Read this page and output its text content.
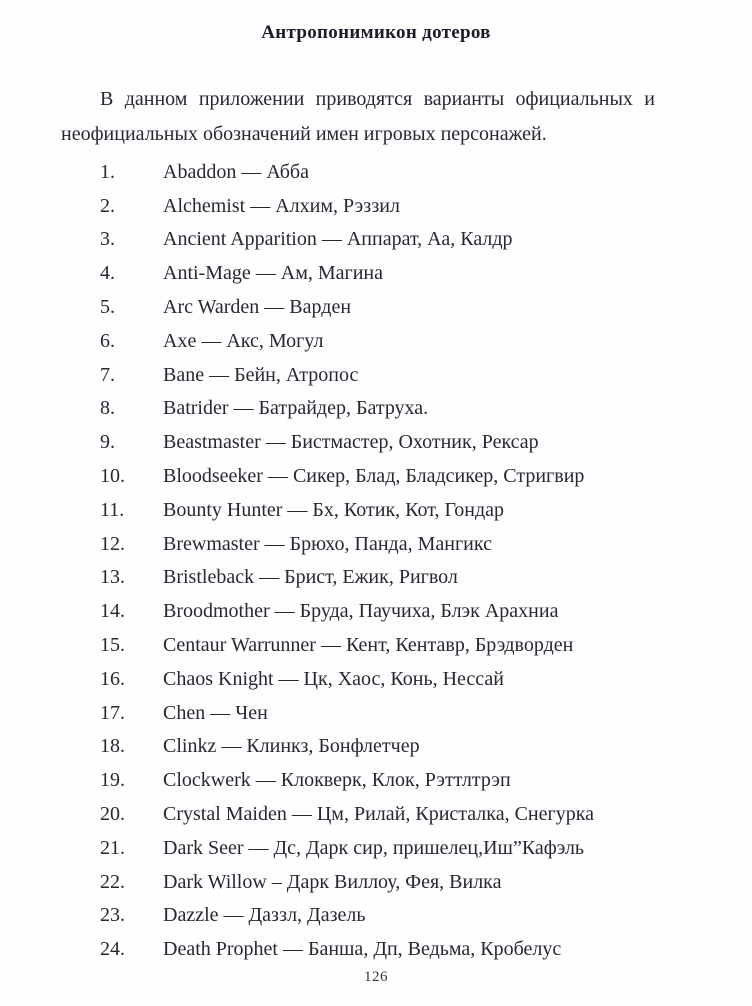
Антропонимикон дотеров
В данном приложении приводятся варианты официальных и
неофициальных обозначений имен игровых персонажей.
1. Abaddon — Абба
2. Alchemist — Алхим, Рэззил
3. Ancient Apparition — Аппарат, Аа, Калдр
4. Anti-Mage — Ам, Магина
5. Arc Warden — Варден
6. Axe — Акс, Могул
7. Bane — Бейн, Атропос
8. Batrider — Батрайдер, Батруха.
9. Beastmaster — Бистмастер, Охотник, Рексар
10. Bloodseeker — Сикер, Блад, Бладсикер, Стригвир
11. Bounty Hunter — Бх, Котик, Кот, Гондар
12. Brewmaster — Брюхо, Панда, Мангикс
13. Bristleback — Брист, Ежик, Ригвол
14. Broodmother — Бруда, Паучиха, Блэк Арахниа
15. Centaur Warrunner — Кент, Кентавр, Брэдворден
16. Chaos Knight — Цк, Хаос, Конь, Нессай
17. Chen — Чен
18. Clinkz — Клинкз, Бонфлетчер
19. Clockwerk — Клокверк, Клок, Рэттлтрэп
20. Crystal Maiden — Цм, Рилай, Кристалка, Снегурка
21. Dark Seer — Дс, Дарк сир, пришелец,Иш”Кафэль
22. Dark Willow – Дарк Виллоу, Фея, Вилка
23. Dazzle — Даззл, Дазель
24. Death Prophet — Банша, Дп, Ведьма, Кробелус
126
